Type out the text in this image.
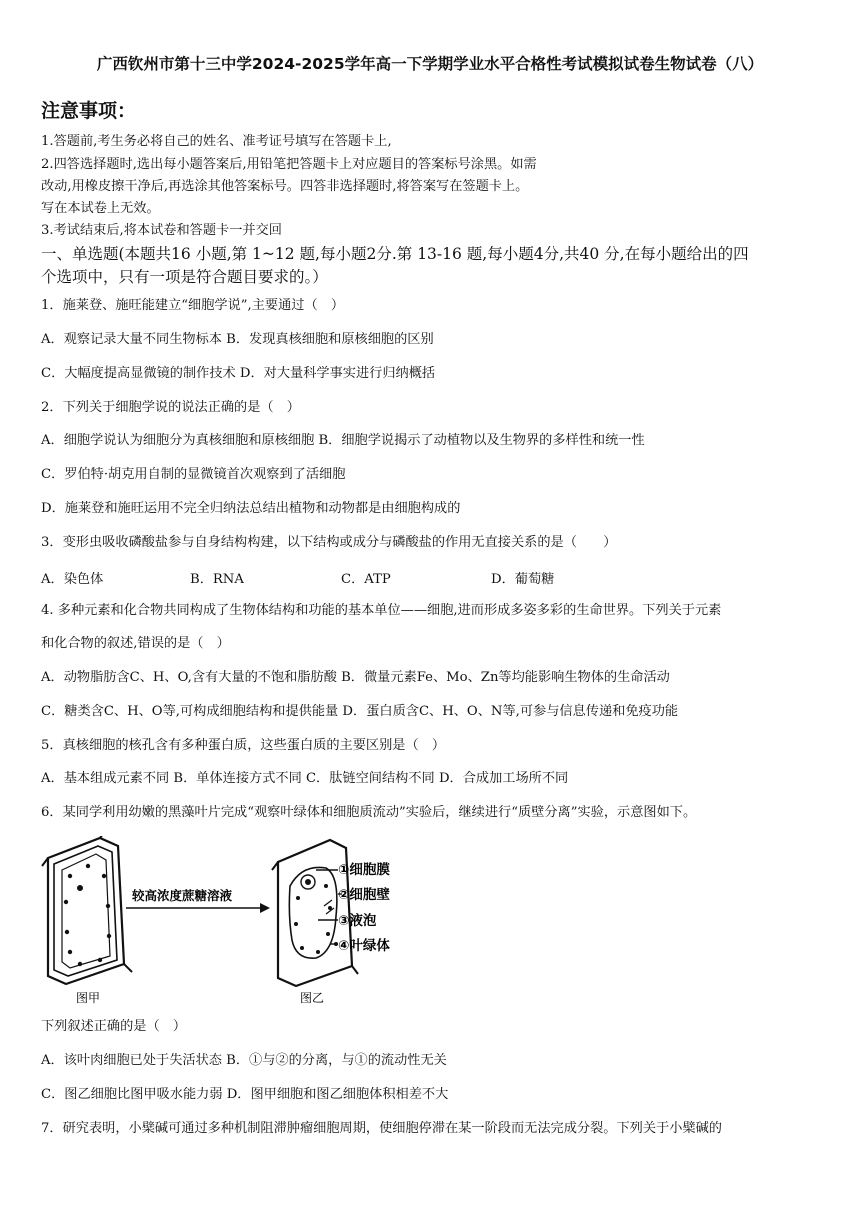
广西钦州市第十三中学2024-2025学年高一下学期学业水平合格性考试模拟试卷生物试卷（八）
注意事项：
1.答题前,考生务必将自己的姓名、准考证号填写在答题卡上,
2.四答选择题时,选出每小题答案后,用铅笔把答题卡上对应题目的答案标号涂黑。如需
改动,用橡皮擦干净后,再选涂其他答案标号。四答非选择题时,将答案写在签题卡上。
写在本试卷上无效。
3.考试结束后,将本试卷和答题卡一并交回
一、单选题(本题共16 小题,第 1~12 题,每小题2分.第 13-16 题,每小题4分,共40 分,在每小题给出的四
个选项中，只有一项是符合题目要求的。）
1．施莱登、施旺能建立“细胞学说”,主要通过（　）
A．观察记录大量不同生物标本 B．发现真核细胞和原核细胞的区别
C．大幅度提高显微镜的制作技术 D．对大量科学事实进行归纳概括
2．下列关于细胞学说的说法正确的是（　）
A．细胞学说认为细胞分为真核细胞和原核细胞 B．细胞学说揭示了动植物以及生物界的多样性和统一性
C．罗伯特·胡克用自制的显微镜首次观察到了活细胞
D．施莱登和施旺运用不完全归纳法总结出植物和动物都是由细胞构成的
3．变形虫吸收磷酸盐参与自身结构构建，以下结构或成分与磷酸盐的作用无直接关系的是（　　）
A．染色体	B．RNA	C．ATP	D．葡萄糖
4. 多种元素和化合物共同构成了生物体结构和功能的基本单位——细胞,进而形成多姿多彩的生命世界。下列关于元素
和化合物的叙述,错误的是（　）
A．动物脂肪含C、H、O,含有大量的不饱和脂肪酸 B．微量元素Fe、Mo、Zn等均能影响生物体的生命活动
C．糖类含C、H、O等,可构成细胞结构和提供能量 D．蛋白质含C、H、O、N等,可参与信息传递和免疫功能
5．真核细胞的核孔含有多种蛋白质，这些蛋白质的主要区别是（　）
A．基本组成元素不同 B．单体连接方式不同 C．肽链空间结构不同 D．合成加工场所不同
6．某同学利用幼嫩的黑藻叶片完成“观察叶绿体和细胞质流动”实验后，继续进行“质壁分离”实验，示意图如下。
较高浓度蔗糖溶液
①细胞膜
②细胞壁
③液泡
④叶绿体
图甲	图乙
下列叙述正确的是（　）
A．该叶肉细胞已处于失活状态 B．①与②的分离，与①的流动性无关
C．图乙细胞比图甲吸水能力弱 D．图甲细胞和图乙细胞体积相差不大
7．研究表明，小檗碱可通过多种机制阻滞肿瘤细胞周期，使细胞停滞在某一阶段而无法完成分裂。下列关于小檗碱的
